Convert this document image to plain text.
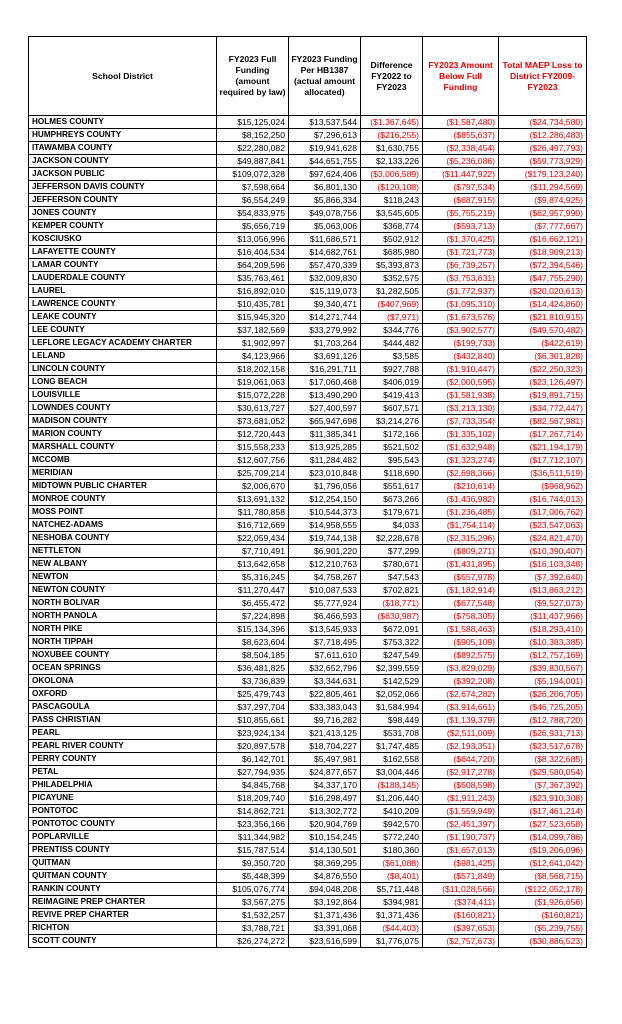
School District	FY2023 Full Funding (amount required by law)	FY2023 Funding Per HB1387 (actual amount allocated)	Difference FY2022 to FY2023	FY2023 Amount Below Full Funding	Total MAEP Loss to District FY2009-FY2023
HOLMES COUNTY	$15,125,024	$13,537,544	($1,367,645)	($1,587,480)	($24,734,580)
HUMPHREYS COUNTY	$8,152,250	$7,296,613	($216,255)	($855,637)	($12,286,483)
ITAWAMBA COUNTY	$22,280,082	$19,941,628	$1,630,755	($2,338,454)	($26,497,793)
JACKSON COUNTY	$49,887,841	$44,651,755	$2,133,226	($5,236,086)	($59,773,929)
JACKSON PUBLIC	$109,072,328	$97,624,406	($3,006,589)	($11,447,922)	($179,123,240)
JEFFERSON DAVIS COUNTY	$7,598,664	$6,801,130	($120,108)	($797,534)	($11,294,569)
JEFFERSON COUNTY	$6,554,249	$5,866,334	$118,243	($687,915)	($9,874,925)
JONES COUNTY	$54,833,975	$49,078,756	$3,545,605	($5,755,219)	($62,957,990)
KEMPER COUNTY	$5,656,719	$5,063,006	$368,774	($593,713)	($7,777,667)
KOSCIUSKO	$13,056,996	$11,686,571	$502,912	($1,370,425)	($16,662,121)
LAFAYETTE COUNTY	$16,404,534	$14,682,761	$685,980	($1,721,773)	($18,909,213)
LAMAR COUNTY	$64,209,596	$57,470,339	$5,393,873	($6,739,257)	($72,394,546)
LAUDERDALE COUNTY	$35,763,461	$32,009,830	$352,575	($3,753,631)	($47,755,290)
LAUREL	$16,892,010	$15,119,073	$1,282,505	($1,772,937)	($20,020,613)
LAWRENCE COUNTY	$10,435,781	$9,340,471	($407,969)	($1,095,310)	($14,424,860)
LEAKE COUNTY	$15,945,320	$14,271,744	($7,971)	($1,673,576)	($21,810,915)
LEE COUNTY	$37,182,569	$33,279,992	$344,776	($3,902,577)	($49,570,482)
LEFLORE LEGACY ACADEMY CHARTER	$1,902,997	$1,703,264	$444,482	($199,733)	($422,619)
LELAND	$4,123,966	$3,691,126	$3,585	($432,840)	($6,301,828)
LINCOLN COUNTY	$18,202,158	$16,291,711	$927,788	($1,910,447)	($22,250,323)
LONG BEACH	$19,061,063	$17,060,468	$406,019	($2,000,595)	($23,126,497)
LOUISVILLE	$15,072,228	$13,490,290	$419,413	($1,581,938)	($19,891,715)
LOWNDES COUNTY	$30,613,727	$27,400,597	$607,571	($3,213,130)	($34,772,447)
MADISON COUNTY	$73,681,052	$65,947,698	$3,214,276	($7,733,354)	($82,567,981)
MARION COUNTY	$12,720,443	$11,385,341	$172,166	($1,335,102)	($17,267,714)
MARSHALL COUNTY	$15,558,233	$13,925,285	$521,502	($1,632,948)	($21,194,179)
MCCOMB	$12,607,756	$11,284,482	$95,543	($1,323,274)	($17,712,107)
MERIDIAN	$25,709,214	$23,010,848	$118,690	($2,698,366)	($36,511,519)
MIDTOWN PUBLIC CHARTER	$2,006,670	$1,796,056	$551,617	($210,614)	($968,962)
MONROE COUNTY	$13,691,132	$12,254,150	$673,266	($1,436,982)	($16,744,013)
MOSS POINT	$11,780,858	$10,544,373	$179,671	($1,236,485)	($17,006,762)
NATCHEZ-ADAMS	$16,712,669	$14,958,555	$4,033	($1,754,114)	($23,547,063)
NESHOBA COUNTY	$22,059,434	$19,744,138	$2,228,678	($2,315,296)	($24,821,470)
NETTLETON	$7,710,491	$6,901,220	$77,299	($809,271)	($10,390,407)
NEW ALBANY	$13,642,658	$12,210,763	$780,671	($1,431,895)	($16,103,348)
NEWTON	$5,316,245	$4,758,267	$47,543	($557,978)	($7,392,640)
NEWTON COUNTY	$11,270,447	$10,087,533	$702,821	($1,182,914)	($13,863,212)
NORTH BOLIVAR	$6,455,472	$5,777,924	($18,771)	($677,548)	($9,527,073)
NORTH PANOLA	$7,224,898	$6,466,593	($630,987)	($758,305)	($11,437,966)
NORTH PIKE	$15,134,396	$13,545,933	$672,091	($1,588,463)	($18,293,410)
NORTH TIPPAH	$8,623,604	$7,718,495	$753,322	($905,109)	($10,383,385)
NOXUBEE COUNTY	$8,504,185	$7,611,610	$247,549	($892,575)	($12,757,169)
OCEAN SPRINGS	$36,481,825	$32,652,796	$2,399,559	($3,829,029)	($39,830,567)
OKOLONA	$3,736,839	$3,344,631	$142,529	($392,208)	($5,194,001)
OXFORD	$25,479,743	$22,805,461	$2,052,066	($2,674,282)	($26,206,705)
PASCAGOULA	$37,297,704	$33,383,043	$1,584,994	($3,914,661)	($46,725,205)
PASS CHRISTIAN	$10,855,661	$9,716,282	$98,449	($1,139,379)	($12,788,720)
PEARL	$23,924,134	$21,413,125	$531,708	($2,511,009)	($26,931,713)
PEARL RIVER COUNTY	$20,897,578	$18,704,227	$1,747,485	($2,193,351)	($23,517,678)
PERRY COUNTY	$6,142,701	$5,497,981	$162,558	($644,720)	($8,322,685)
PETAL	$27,794,935	$24,877,657	$3,004,446	($2,917,278)	($29,580,054)
PHILADELPHIA	$4,845,768	$4,337,170	($188,145)	($508,598)	($7,367,392)
PICAYUNE	$18,209,740	$16,298,497	$1,206,440	($1,911,243)	($23,910,308)
PONTOTOC	$14,862,721	$13,302,772	$410,209	($1,559,949)	($17,461,214)
PONTOTOC COUNTY	$23,356,166	$20,904,769	$942,570	($2,451,397)	($27,523,658)
POPLARVILLE	$11,344,982	$10,154,245	$772,240	($1,190,737)	($14,099,786)
PRENTISS COUNTY	$15,787,514	$14,130,501	$180,360	($1,657,013)	($19,206,096)
QUITMAN	$9,350,720	$8,369,295	($61,088)	($981,425)	($12,641,042)
QUITMAN COUNTY	$5,448,399	$4,876,550	($8,401)	($571,849)	($8,568,715)
RANKIN COUNTY	$105,076,774	$94,048,208	$5,711,448	($11,028,566)	($122,052,178)
REIMAGINE PREP CHARTER	$3,567,275	$3,192,864	$394,981	($374,411)	($1,926,656)
REVIVE PREP CHARTER	$1,532,257	$1,371,436	$1,371,436	($160,821)	($160,821)
RICHTON	$3,788,721	$3,391,068	($44,403)	($397,653)	($5,239,755)
SCOTT COUNTY	$26,274,272	$23,516,599	$1,776,075	($2,757,673)	($30,886,523)
